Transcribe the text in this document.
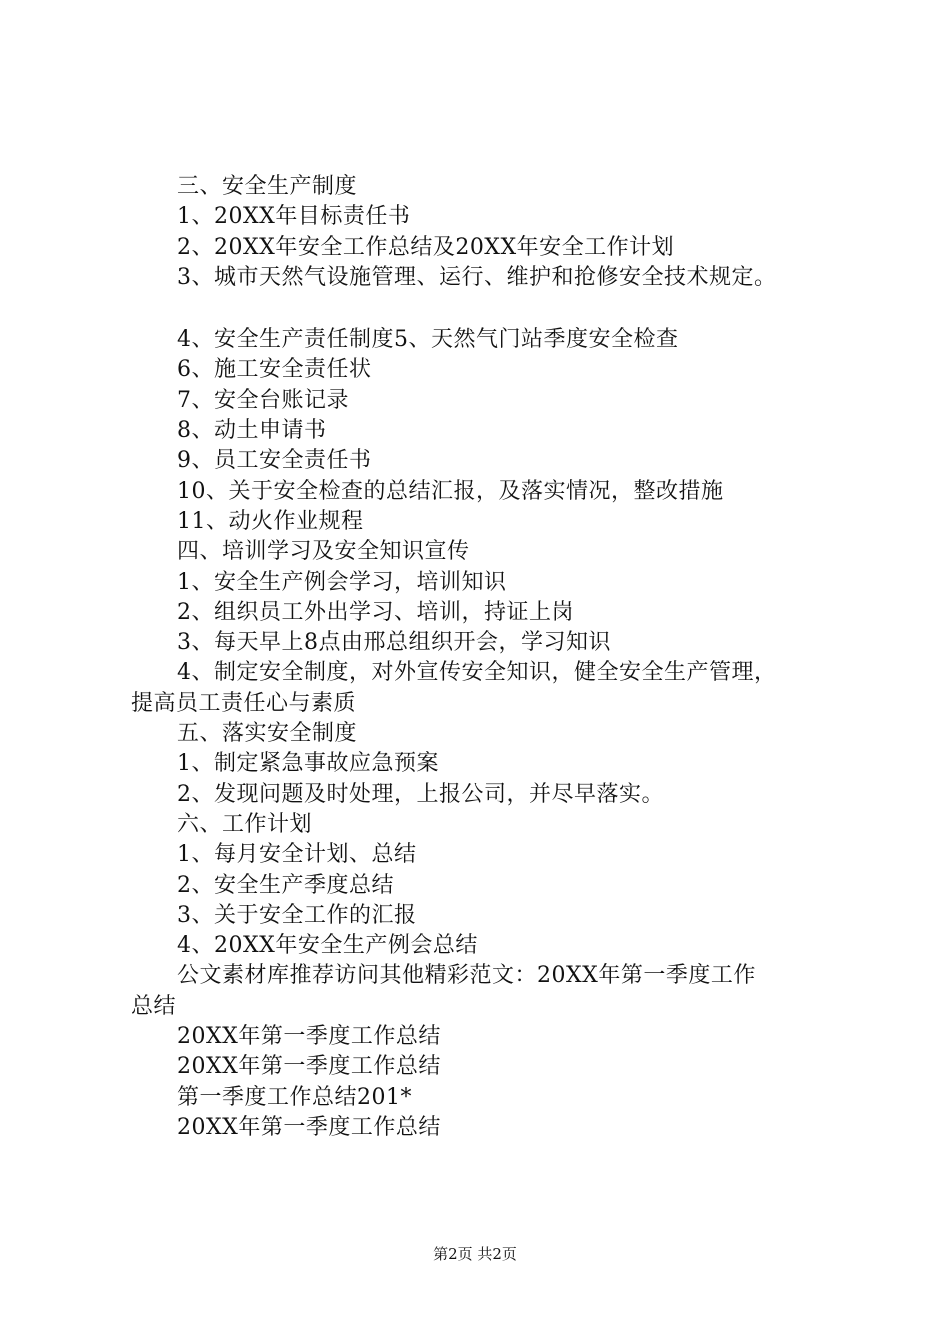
三、安全生产制度
1、20XX年目标责任书
2、20XX年安全工作总结及20XX年安全工作计划
3、城市天然气设施管理、运行、维护和抢修安全技术规定。
4、安全生产责任制度5、天然气门站季度安全检查
6、施工安全责任状
7、安全台账记录
8、动土申请书
9、员工安全责任书
10、关于安全检查的总结汇报，及落实情况，整改措施
11、动火作业规程
四、培训学习及安全知识宣传
1、安全生产例会学习，培训知识
2、组织员工外出学习、培训，持证上岗
3、每天早上8点由邢总组织开会，学习知识
4、制定安全制度，对外宣传安全知识，健全安全生产管理，
提高员工责任心与素质
五、落实安全制度
1、制定紧急事故应急预案
2、发现问题及时处理，上报公司，并尽早落实。
六、工作计划
1、每月安全计划、总结
2、安全生产季度总结
3、关于安全工作的汇报
4、20XX年安全生产例会总结
公文素材库推荐访问其他精彩范文：20XX年第一季度工作
总结
20XX年第一季度工作总结
20XX年第一季度工作总结
第一季度工作总结201*
20XX年第一季度工作总结
第2页 共2页
